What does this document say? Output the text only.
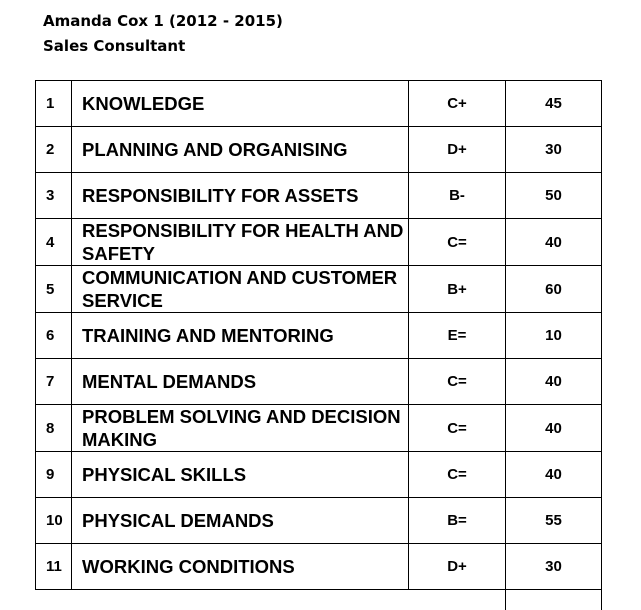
Amanda Cox 1 (2012 - 2015)
Sales Consultant
1	KNOWLEDGE	C+	45
2	PLANNING AND ORGANISING	D+	30
3	RESPONSIBILITY FOR ASSETS	B-	50
4	RESPONSIBILITY FOR HEALTH AND SAFETY	C=	40
5	COMMUNICATION AND CUSTOMER SERVICE	B+	60
6	TRAINING AND MENTORING	E=	10
7	MENTAL DEMANDS	C=	40
8	PROBLEM SOLVING AND DECISION MAKING	C=	40
9	PHYSICAL SKILLS	C=	40
10	PHYSICAL DEMANDS	B=	55
11	WORKING CONDITIONS	D+	30
